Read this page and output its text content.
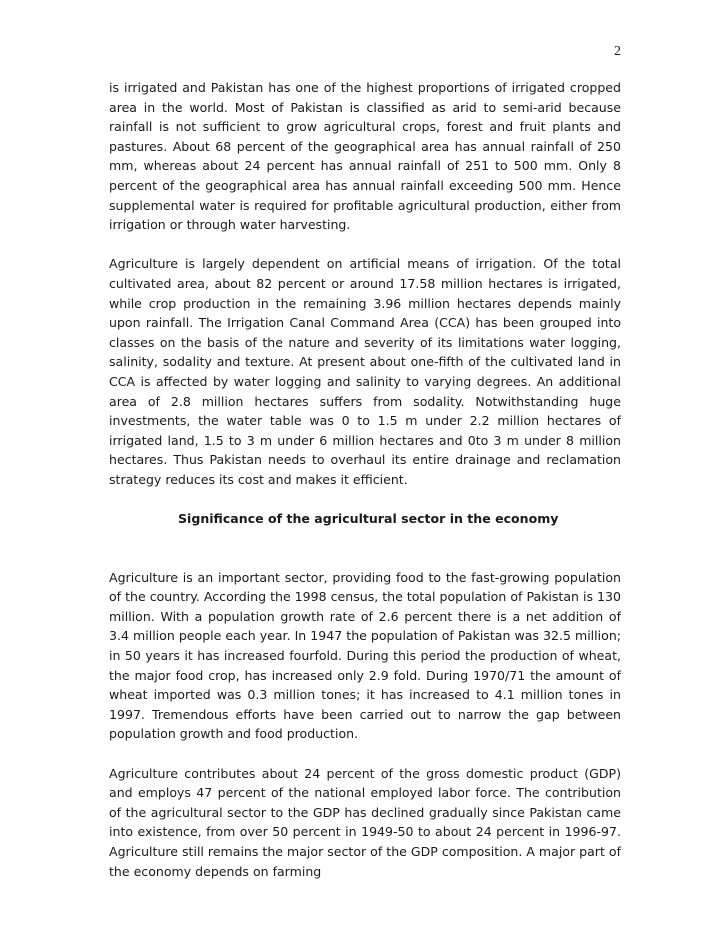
2

is irrigated and Pakistan has one of the highest proportions of irrigated cropped area in the world. Most of Pakistan is classified as arid to semi-arid because rainfall is not sufficient to grow agricultural crops, forest and fruit plants and pastures. About 68 percent of the geographical area has annual rainfall of 250 mm, whereas about 24 percent has annual rainfall of 251 to 500 mm. Only 8 percent of the geographical area has annual rainfall exceeding 500 mm. Hence supplemental water is required for profitable agricultural production, either from irrigation or through water harvesting.

Agriculture is largely dependent on artificial means of irrigation. Of the total cultivated area, about 82 percent or around 17.58 million hectares is irrigated, while crop production in the remaining 3.96 million hectares depends mainly upon rainfall. The Irrigation Canal Command Area (CCA) has been grouped into classes on the basis of the nature and severity of its limitations water logging, salinity, sodality and texture. At present about one-fifth of the cultivated land in CCA is affected by water logging and salinity to varying degrees. An additional area of 2.8 million hectares suffers from sodality. Notwithstanding huge investments, the water table was 0 to 1.5 m under 2.2 million hectares of irrigated land, 1.5 to 3 m under 6 million hectares and 0to 3 m under 8 million hectares. Thus Pakistan needs to overhaul its entire drainage and reclamation strategy reduces its cost and makes it efficient.

Significance of the agricultural sector in the economy

Agriculture is an important sector, providing food to the fast-growing population of the country. According the 1998 census, the total population of Pakistan is 130 million. With a population growth rate of 2.6 percent there is a net addition of 3.4 million people each year. In 1947 the population of Pakistan was 32.5 million; in 50 years it has increased fourfold. During this period the production of wheat, the major food crop, has increased only 2.9 fold. During 1970/71 the amount of wheat imported was 0.3 million tones; it has increased to 4.1 million tones in 1997. Tremendous efforts have been carried out to narrow the gap between population growth and food production.

Agriculture contributes about 24 percent of the gross domestic product (GDP) and employs 47 percent of the national employed labor force. The contribution of the agricultural sector to the GDP has declined gradually since Pakistan came into existence, from over 50 percent in 1949-50 to about 24 percent in 1996-97. Agriculture still remains the major sector of the GDP composition. A major part of the economy depends on farming
